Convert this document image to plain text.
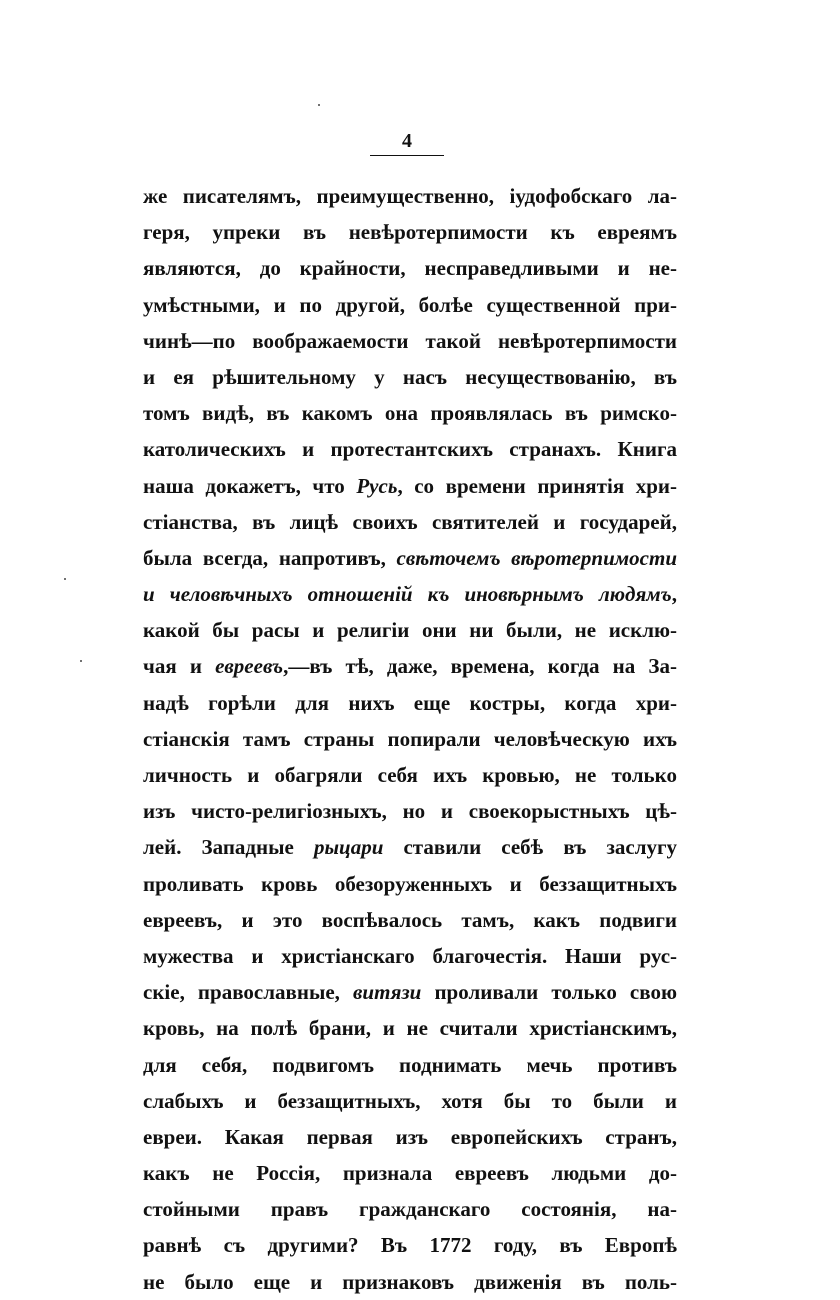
4
же писателямъ, преимущественно, іудофобскаго ла-
геря, упреки въ невѣротерпимости къ евреямъ
являются, до крайности, несправедливыми и не-
умѣстными, и по другой, болѣе существенной при-
чинѣ—по воображаемости такой невѣротерпимости
и ея рѣшительному у насъ несуществованію, въ
томъ видѣ, въ какомъ она проявлялась въ римско-
католическихъ и протестантскихъ странахъ. Книга
наша докажетъ, что Русь, со времени принятія хри-
стіанства, въ лицѣ своихъ святителей и государей,
была всегда, напротивъ, свѣточемъ вѣротерпимости
и человѣчныхъ отношеній къ иновѣрнымъ людямъ,
какой бы расы и религіи они ни были, не исклю-
чая и евреевъ,—въ тѣ, даже, времена, когда на За-
надѣ горѣли для нихъ еще костры, когда хри-
стіанскія тамъ страны попирали человѣческую ихъ
личность и обагряли себя ихъ кровью, не только
изъ чисто-религіозныхъ, но и своекорыстныхъ цѣ-
лей. Западные рыцари ставили себѣ въ заслугу
проливать кровь обезоруженныхъ и беззащитныхъ
евреевъ, и это воспѣвалось тамъ, какъ подвиги
мужества и христіанскаго благочестія. Наши рус-
скіе, православные, витязи проливали только свою
кровь, на полѣ брани, и не считали христіанскимъ,
для себя, подвигомъ поднимать мечь противъ
слабыхъ и беззащитныхъ, хотя бы то были и
евреи. Какая первая изъ европейскихъ странъ,
какъ не Россія, признала евреевъ людьми до-
стойными правъ гражданскаго состоянія, на-
равнѣ съ другими? Въ 1772 году, въ Европѣ
не было еще и признаковъ движенія въ поль-
